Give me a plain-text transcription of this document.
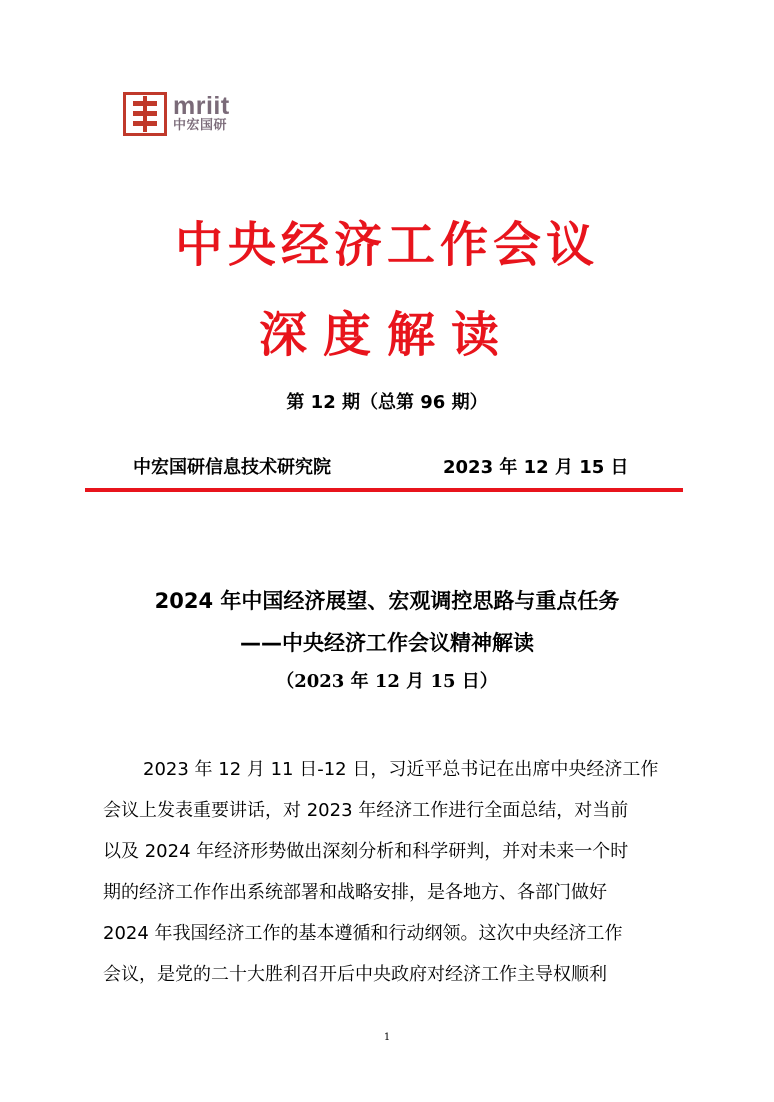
mriit
中宏国研
中央经济工作会议
深度解读
第 12 期（总第 96 期）
中宏国研信息技术研究院	2023 年 12 月 15 日
2024 年中国经济展望、宏观调控思路与重点任务
——中央经济工作会议精神解读
（2023 年 12 月 15 日）
2023 年 12 月 11 日-12 日，习近平总书记在出席中央经济工作
会议上发表重要讲话，对 2023 年经济工作进行全面总结，对当前
以及 2024 年经济形势做出深刻分析和科学研判，并对未来一个时
期的经济工作作出系统部署和战略安排，是各地方、各部门做好
2024 年我国经济工作的基本遵循和行动纲领。这次中央经济工作
会议，是党的二十大胜利召开后中央政府对经济工作主导权顺利
1
